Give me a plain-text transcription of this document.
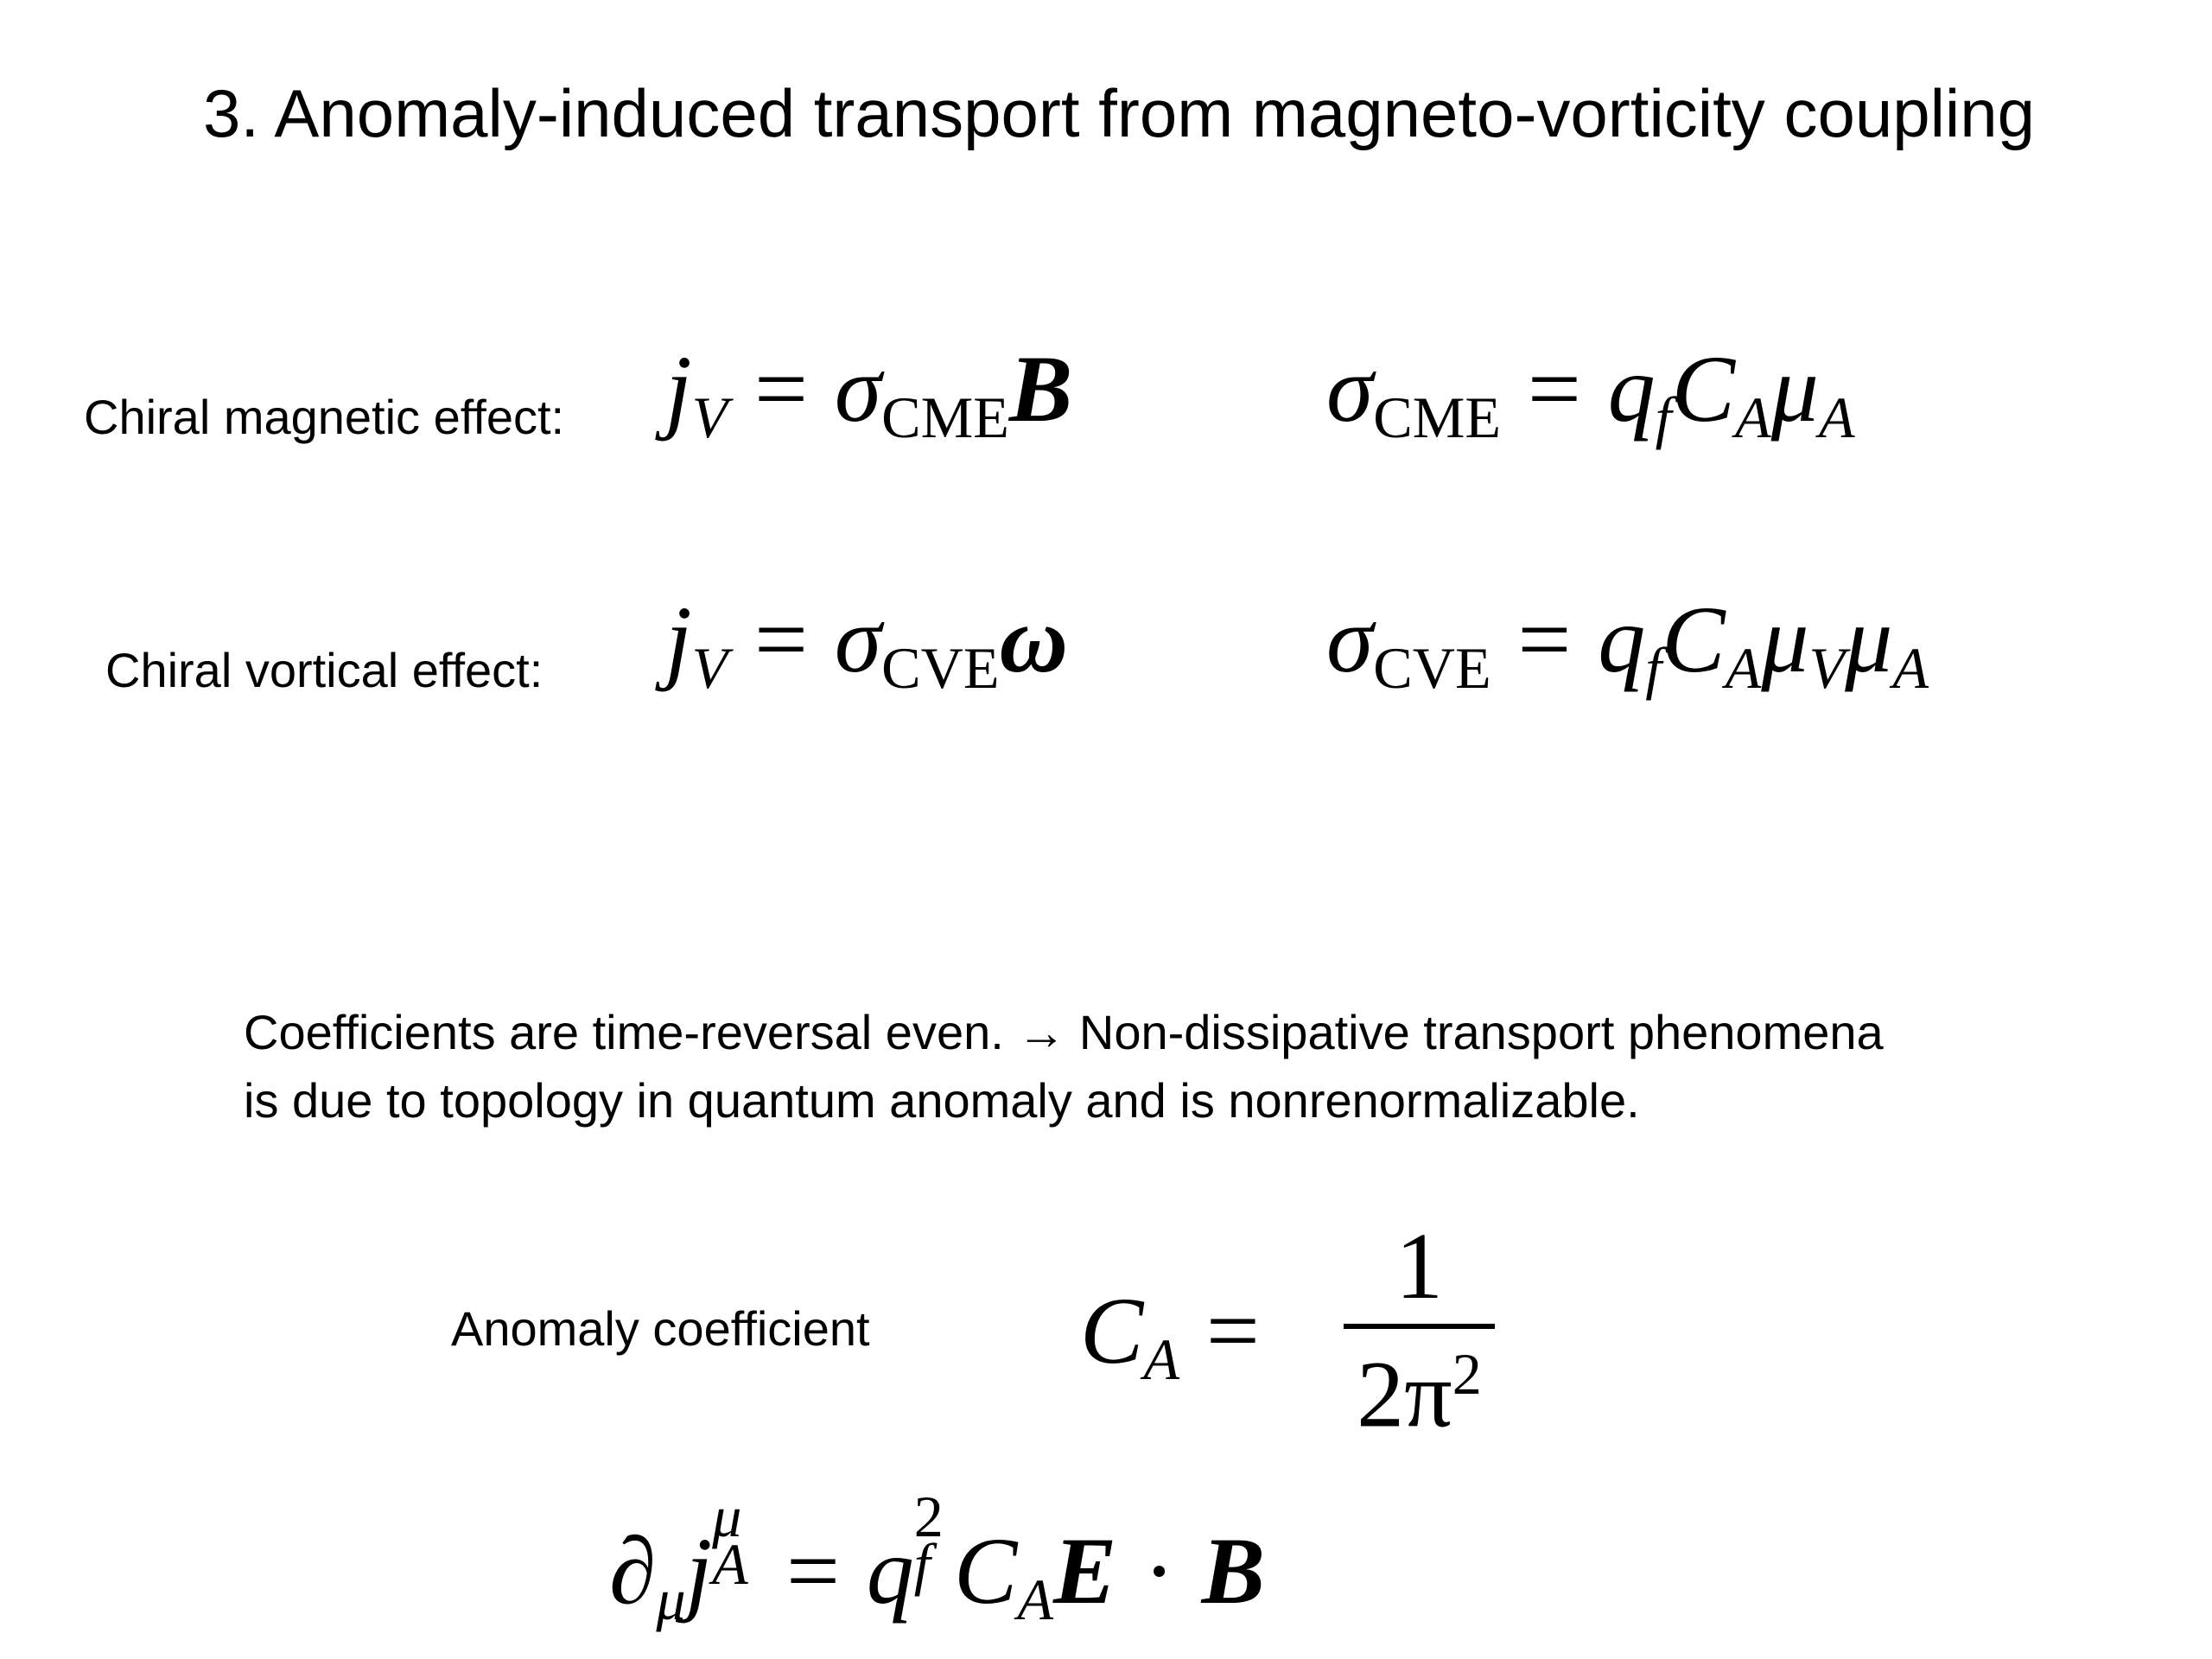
3. Anomaly-induced transport from magneto-vorticity coupling
Chiral magnetic effect: $j_V = \sigma_{CME}B$	$\sigma_{CME} = q_fC_A\mu_A$
Chiral vortical effect: $j_V = \sigma_{CVE}\omega$	$\sigma_{CVE} = q_fC_A\mu_V\mu_A$
Coefficients are time-reversal even. → Non-dissipative transport phenomena
is due to topology in quantum anomaly and is nonrenormalizable.
Anomaly coefficient $C_A$ =
1
$2\pi^2$
$\partial_\mu j$
μ
A = q
2
f $C_AE \cdot B$
